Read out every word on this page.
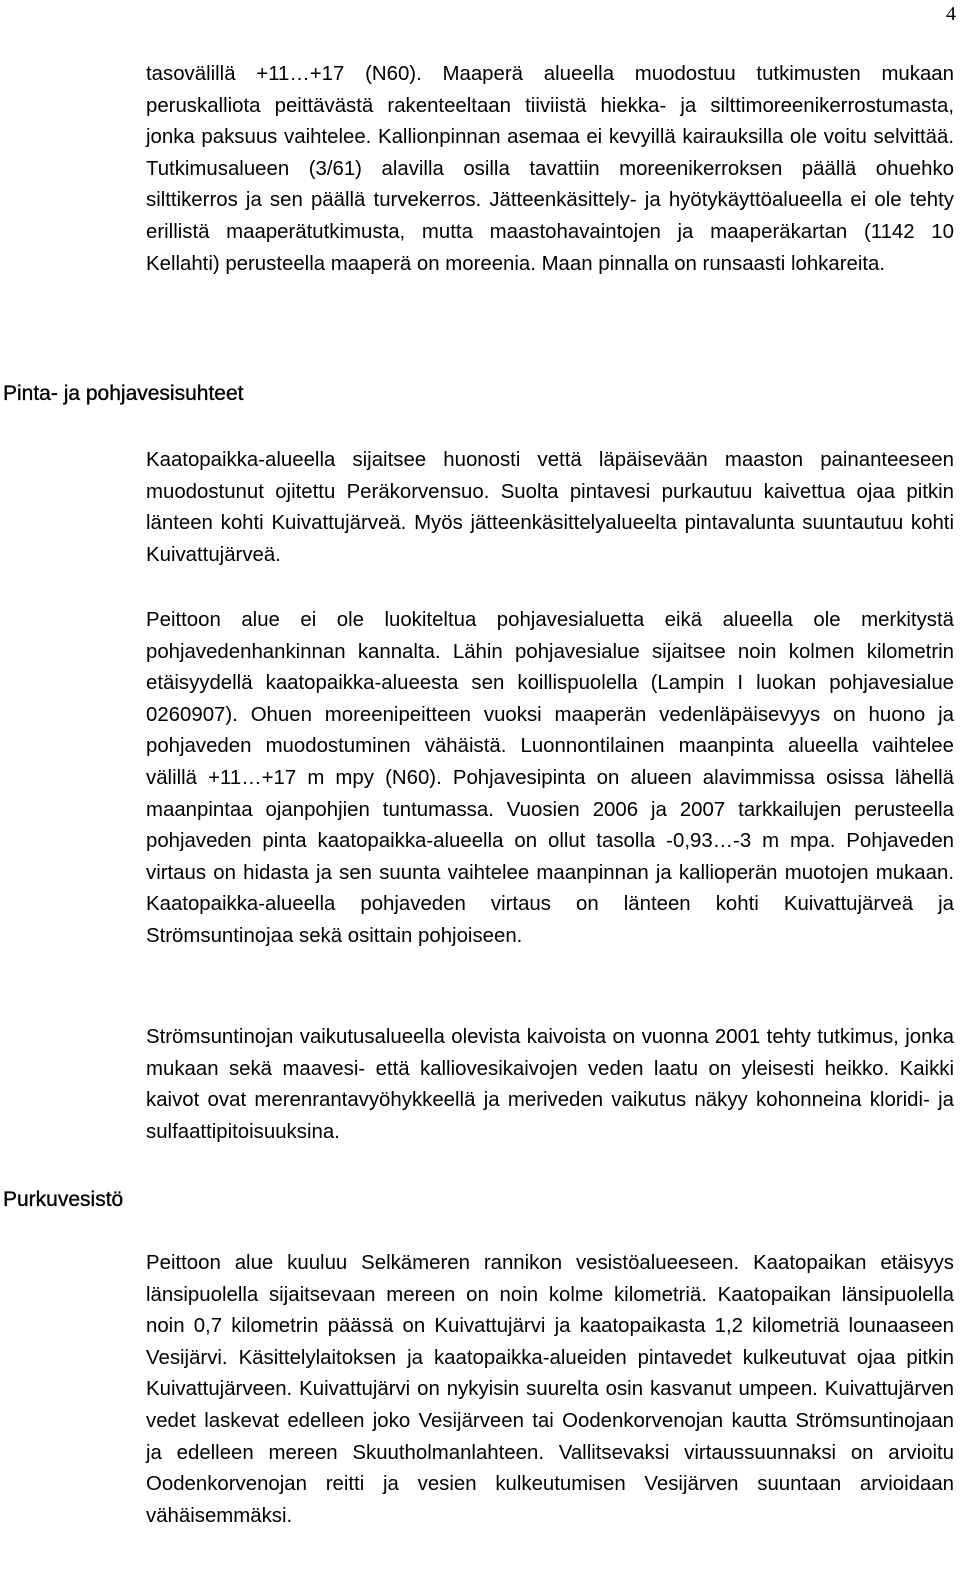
4

tasovälillä +11…+17 (N60). Maaperä alueella muodostuu tutkimusten mukaan peruskalliota peittävästä rakenteeltaan tiiviistä hiekka- ja silttimoreenikerrostumasta, jonka paksuus vaihtelee. Kallionpinnan asemaa ei kevyillä kairauksilla ole voitu selvittää. Tutkimusalueen (3/61) alavilla osilla tavattiin moreenikerroksen päällä ohuehko silttikerros ja sen päällä turvekerros. Jätteenkäsittely- ja hyötykäyttöalueella ei ole tehty erillistä maaperätutkimusta, mutta maastohavaintojen ja maaperäkartan (1142 10 Kellahti) perusteella maaperä on moreenia. Maan pinnalla on runsaasti lohkareita.

Pinta- ja pohjavesisuhteet

Kaatopaikka-alueella sijaitsee huonosti vettä läpäisevään maaston painanteeseen muodostunut ojitettu Peräkorvensuo. Suolta pintavesi purkautuu kaivettua ojaa pitkin länteen kohti Kuivattujärveä. Myös jätteenkäsittelyalueelta pintavalunta suuntautuu kohti Kuivattujärveä.

Peittoon alue ei ole luokiteltua pohjavesialuetta eikä alueella ole merkitystä pohjavedenhankinnan kannalta. Lähin pohjavesialue sijaitsee noin kolmen kilometrin etäisyydellä kaatopaikka-alueesta sen koillispuolella (Lampin I luokan pohjavesialue 0260907). Ohuen moreenipeitteen vuoksi maaperän vedenläpäisevyys on huono ja pohjaveden muodostuminen vähäistä. Luonnontilainen maanpinta alueella vaihtelee välillä +11…+17 m mpy (N60). Pohjavesipinta on alueen alavimmissa osissa lähellä maanpintaa ojanpohjien tuntumassa. Vuosien 2006 ja 2007 tarkkailujen perusteella pohjaveden pinta kaatopaikka-alueella on ollut tasolla -0,93…-3 m mpa. Pohjaveden virtaus on hidasta ja sen suunta vaihtelee maanpinnan ja kallioperän muotojen mukaan. Kaatopaikka-alueella pohjaveden virtaus on länteen kohti Kuivattujärveä ja Strömsuntinojaa sekä osittain pohjoiseen.

Strömsuntinojan vaikutusalueella olevista kaivoista on vuonna 2001 tehty tutkimus, jonka mukaan sekä maavesi- että kalliovesikaivojen veden laatu on yleisesti heikko. Kaikki kaivot ovat merenrantavyöhykkeellä ja meriveden vaikutus näkyy kohonneina kloridi- ja sulfaattipitoisuuksina.

Purkuvesistö

Peittoon alue kuuluu Selkämeren rannikon vesistöalueeseen. Kaatopaikan etäisyys länsipuolella sijaitsevaan mereen on noin kolme kilometriä. Kaatopaikan länsipuolella noin 0,7 kilometrin päässä on Kuivattujärvi ja kaatopaikasta 1,2 kilometriä lounaaseen Vesijärvi. Käsittelylaitoksen ja kaatopaikka-alueiden pintavedet kulkeutuvat ojaa pitkin Kuivattujärveen. Kuivattujärvi on nykyisin suurelta osin kasvanut umpeen. Kuivattujärven vedet laskevat edelleen joko Vesijärveen tai Oodenkorvenojan kautta Strömsuntinojaan ja edelleen mereen Skuutholmanlahteen. Vallitsevaksi virtaussuunnaksi on arvioitu Oodenkorvenojan reitti ja vesien kulkeutumisen Vesijärven suuntaan arvioidaan vähäisemmäksi.
